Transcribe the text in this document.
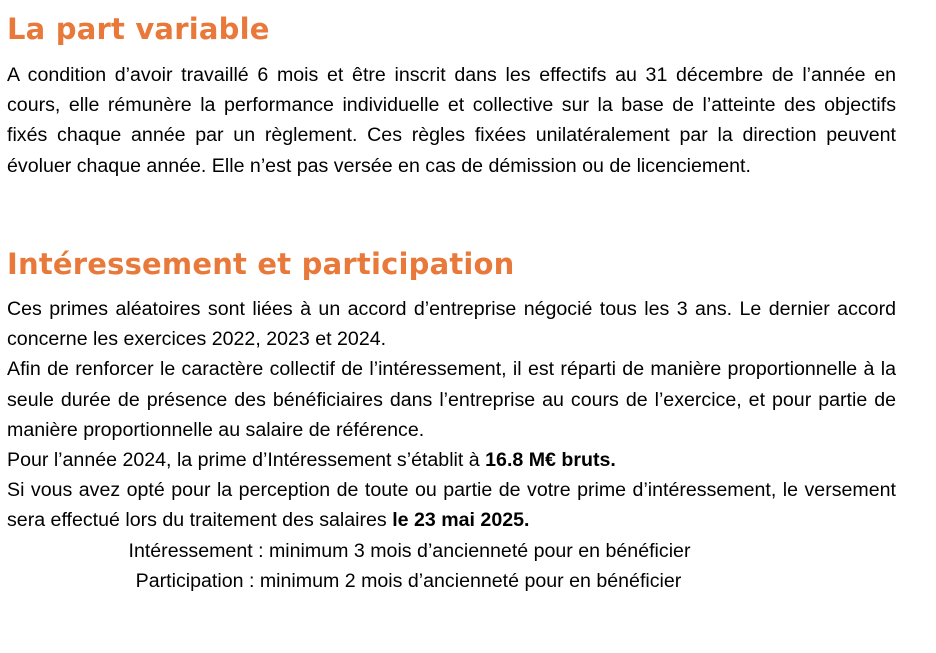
La part variable

A condition d’avoir travaillé 6 mois et être inscrit dans les effectifs au 31 décembre de l’année en cours, elle rémunère la performance individuelle et collective sur la base de l’atteinte des objectifs fixés chaque année par un règlement. Ces règles fixées unilatéralement par la direction peuvent évoluer chaque année. Elle n’est pas versée en cas de démission ou de licenciement.

Intéressement et participation

Ces primes aléatoires sont liées à un accord d’entreprise négocié tous les 3 ans. Le dernier accord concerne les exercices 2022, 2023 et 2024.

Afin de renforcer le caractère collectif de l’intéressement, il est réparti de manière proportionnelle à la seule durée de présence des bénéficiaires dans l’entreprise au cours de l’exercice, et pour partie de manière proportionnelle au salaire de référence.

Pour l’année 2024, la prime d’Intéressement s’établit à 16.8 M€ bruts.

Si vous avez opté pour la perception de toute ou partie de votre prime d’intéressement, le versement sera effectué lors du traitement des salaires le 23 mai 2025.

Intéressement : minimum 3 mois d’ancienneté pour en bénéficier

Participation : minimum 2 mois d’ancienneté pour en bénéficier
